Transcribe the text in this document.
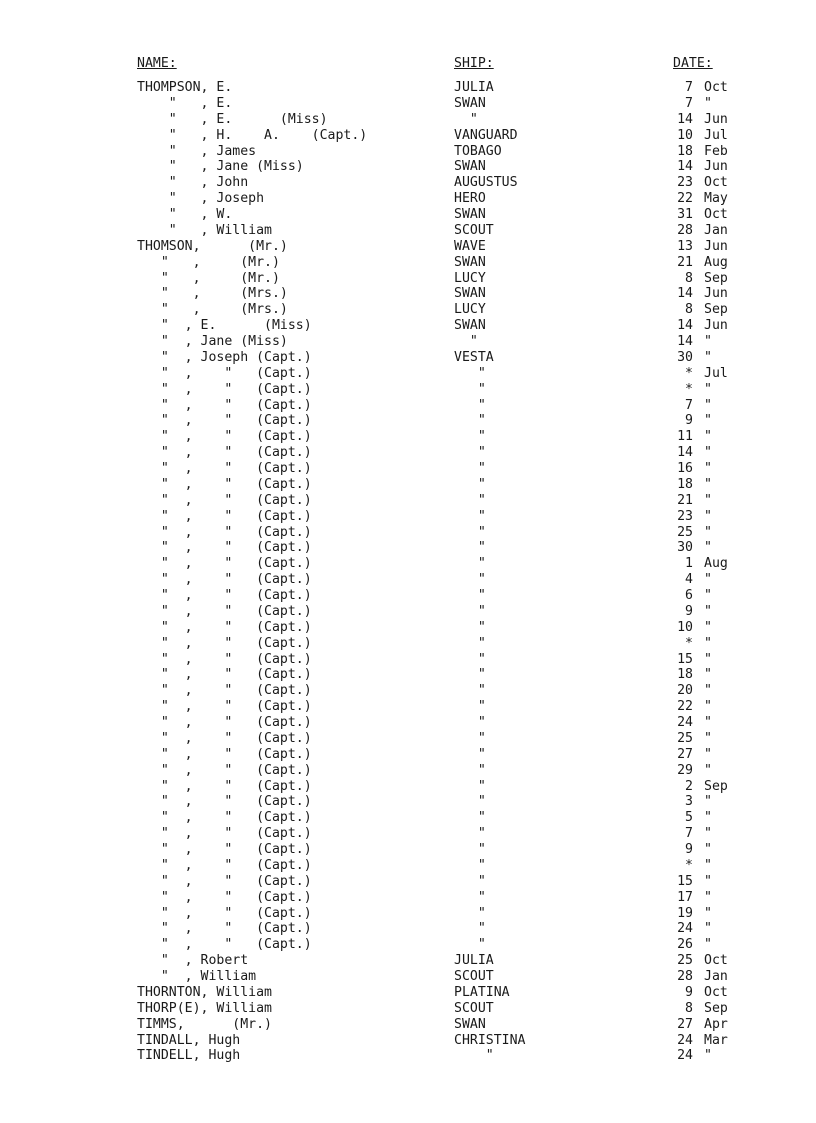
NAME:	SHIP:	DATE:
THOMPSON, E.	JULIA	7 Oct
"   , E.	SWAN	7 "
"   , E.      (Miss)	"	14 Jun
"   , H.    A.    (Capt.)	VANGUARD	10 Jul
"   , James	TOBAGO	18 Feb
"   , Jane (Miss)	SWAN	14 Jun
"   , John	AUGUSTUS	23 Oct
"   , Joseph	HERO	22 May
"   , W.	SWAN	31 Oct
"   , William	SCOUT	28 Jan
THOMSON,      (Mr.)	WAVE	13 Jun
"   ,     (Mr.)	SWAN	21 Aug
"   ,     (Mr.)	LUCY	8 Sep
"   ,     (Mrs.)	SWAN	14 Jun
"   ,     (Mrs.)	LUCY	8 Sep
"  , E.      (Miss)	SWAN	14 Jun
"  , Jane (Miss)	"	14 "
"  , Joseph (Capt.)	VESTA	30 "
"  ,    "   (Capt.)	"	* Jul
"  ,    "   (Capt.)	"	* "
"  ,    "   (Capt.)	"	7 "
"  ,    "   (Capt.)	"	9 "
"  ,    "   (Capt.)	"	11 "
"  ,    "   (Capt.)	"	14 "
"  ,    "   (Capt.)	"	16 "
"  ,    "   (Capt.)	"	18 "
"  ,    "   (Capt.)	"	21 "
"  ,    "   (Capt.)	"	23 "
"  ,    "   (Capt.)	"	25 "
"  ,    "   (Capt.)	"	30 "
"  ,    "   (Capt.)	"	1 Aug
"  ,    "   (Capt.)	"	4 "
"  ,    "   (Capt.)	"	6 "
"  ,    "   (Capt.)	"	9 "
"  ,    "   (Capt.)	"	10 "
"  ,    "   (Capt.)	"	* "
"  ,    "   (Capt.)	"	15 "
"  ,    "   (Capt.)	"	18 "
"  ,    "   (Capt.)	"	20 "
"  ,    "   (Capt.)	"	22 "
"  ,    "   (Capt.)	"	24 "
"  ,    "   (Capt.)	"	25 "
"  ,    "   (Capt.)	"	27 "
"  ,    "   (Capt.)	"	29 "
"  ,    "   (Capt.)	"	2 Sep
"  ,    "   (Capt.)	"	3 "
"  ,    "   (Capt.)	"	5 "
"  ,    "   (Capt.)	"	7 "
"  ,    "   (Capt.)	"	9 "
"  ,    "   (Capt.)	"	* "
"  ,    "   (Capt.)	"	15 "
"  ,    "   (Capt.)	"	17 "
"  ,    "   (Capt.)	"	19 "
"  ,    "   (Capt.)	"	24 "
"  ,    "   (Capt.)	"	26 "
"  , Robert	JULIA	25 Oct
"  , William	SCOUT	28 Jan
THORNTON, William	PLATINA	9 Oct
THORP(E), William	SCOUT	8 Sep
TIMMS,      (Mr.)	SWAN	27 Apr
TINDALL, Hugh	CHRISTINA	24 Mar
TINDELL, Hugh	"	24 "
